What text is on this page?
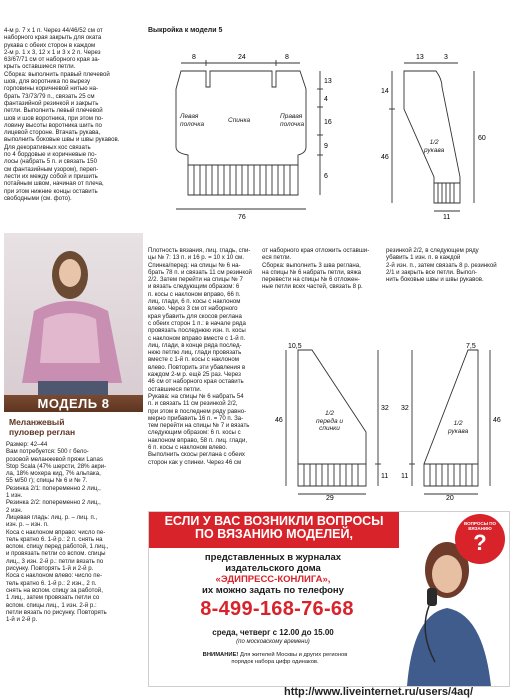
4-м р. 7 х 1 п. Через 44/46/52 см от
наборного края закрыть для оката
рукава с обеих сторон в каждом
2-м р. 1 х 3, 12 х 1 и 3 х 2 п. Через
63/67/71 см от наборного края за-
крыть оставшиеся петли.
Сборка: выполнить правый плечевой
шов, для воротника по вырезу
горловины коричневой нитью на-
брать 73/73/79 п., связать 25 см
фантазийной резинкой и закрыть
петли. Выполнить левый плечевой
шов и шов воротника, при этом по-
ловину высоты воротника шить по
лицевой стороне. Втачать рукава,
выполнить боковые швы и швы рукавов.
Для декоративных кос связать
по 4 бордовые и коричневые по-
лосы (набрать 5 п. и связать 150
см фантазийным узором), переп-
лести их между собой и пришить
потайным швом, начиная от плеча,
при этом нижние концы оставить
свободными (см. фото).

Выкройка к модели 5
8	24	8
76
13
4
16
9
6

Левая
полочка	Спинка

Правая
полочка

13	3
14
46
60
11

1/2
рукава

МОДЕЛЬ 8

Меланжевый
пуловер реглан

Размер: 42–44
Вам потребуется: 500 г бело-
розовой меланжевой пряжи Lanas
Stop Scala (47% шерсти, 28% акри-
ла, 18% мохера кид, 7% альпака,
55 м/50 г); спицы № 6 и № 7.
Резинка 2/1: попеременно 2 лиц.,
1 изн.
Резинка 2/2: попеременно 2 лиц.,
2 изн.
Лицевая гладь: лиц. р. – лиц. п.,
изн. р. – изн. п.
Коса с наклоном вправо: число пе-
тель кратно 6. 1-й р.: 2 п. снять на
вспом. спицу перед работой, 1 лиц.,
и провязать петли со вспом. спицы
лиц., 3 изн. 2-й р.: петли вязать по
рисунку. Повторять 1-й и 2-й р.
Коса с наклоном влево: число пе-
тель кратно 6. 1-й р.: 2 изн., 2 п.
снять на вспом. спицу за работой,
1 лиц., затем провязать петли со
вспом. спицы лиц., 1 изн. 2-й р.:
петли вязать по рисунку. Повторять
1-й и 2-й р.

Плотность вязания, лиц. гладь, спи-
цы № 7: 13 п. и 16 р. = 10 х 10 см.
Спинка/перед: на спицы № 6 на-
брать 78 п. и связать 11 см резинкой
2/2. Затем перейти на спицы № 7
и вязать следующим образом: 6
п. косы с наклоном вправо, 66 п.
лиц. глади, 6 п. косы с наклоном
влево. Через 3 см от наборного
края убавить для скосов реглана
с обеих сторон 1 п.: в начале ряда
провязать последнюю изн. п. косы
с наклоном вправо вместе с 1-й п.
лиц. глади, в конце ряда послед-
нюю петлю лиц. глади провязать
вместе с 1-й п. косы с наклоном
влево. Повторить эти убавления в
каждом 2-м р. ещё 25 раз. Через
46 см от наборного края оставить
оставшиеся петли.
Рукава: на спицы № 6 набрать 54
п. и связать 11 см резинкой 2/2,
при этом в последнем ряду равно-
мерно прибавить 16 п. = 70 п. За-
тем перейти на спицы № 7 и вязать
следующим образом: 6 п. косы с
наклоном вправо, 58 п. лиц. глади,
6 п. косы с наклоном влево.
Выполнить скосы реглана с обеих
сторон как у спинки. Через 46 см

от наборного края отложить оставши-
еся петли.
Сборка: выполнить 3 шва реглана,
на спицы № 6 набрать петли, вяжа
перевести на спицы № 6 отложен-
ные петли всех частей, связать 8 р.

резинкой 2/2, в следующем ряду
убавить 1 изн. п. в каждой
2-й изн. п., затем связать 8 р. резинкой
2/1 и закрыть все петли. Выпол-
нить боковые швы и швы рукавов.

10,5
46
32
11
29

1/2
переда и
спинки

7,5
32
11
46
20

1/2
рукава

ЕСЛИ У ВАС ВОЗНИКЛИ ВОПРОСЫ
ПО ВЯЗАНИЮ МОДЕЛЕЙ,

представленных в журналах
издательского дома
«ЭДИПРЕСС-КОНЛИГА»,
их можно задать по телефону
8-499-168-76-68
среда, четверг с 12.00 до 15.00
(по московскому времени)

ВНИМАНИЕ! Для жителей Москвы и других регионов
порядок набора цифр одинаков.

ВОПРОСЫ ПО ВЯЗАНИЮ
?
http://www.liveinternet.ru/users/4aq/
